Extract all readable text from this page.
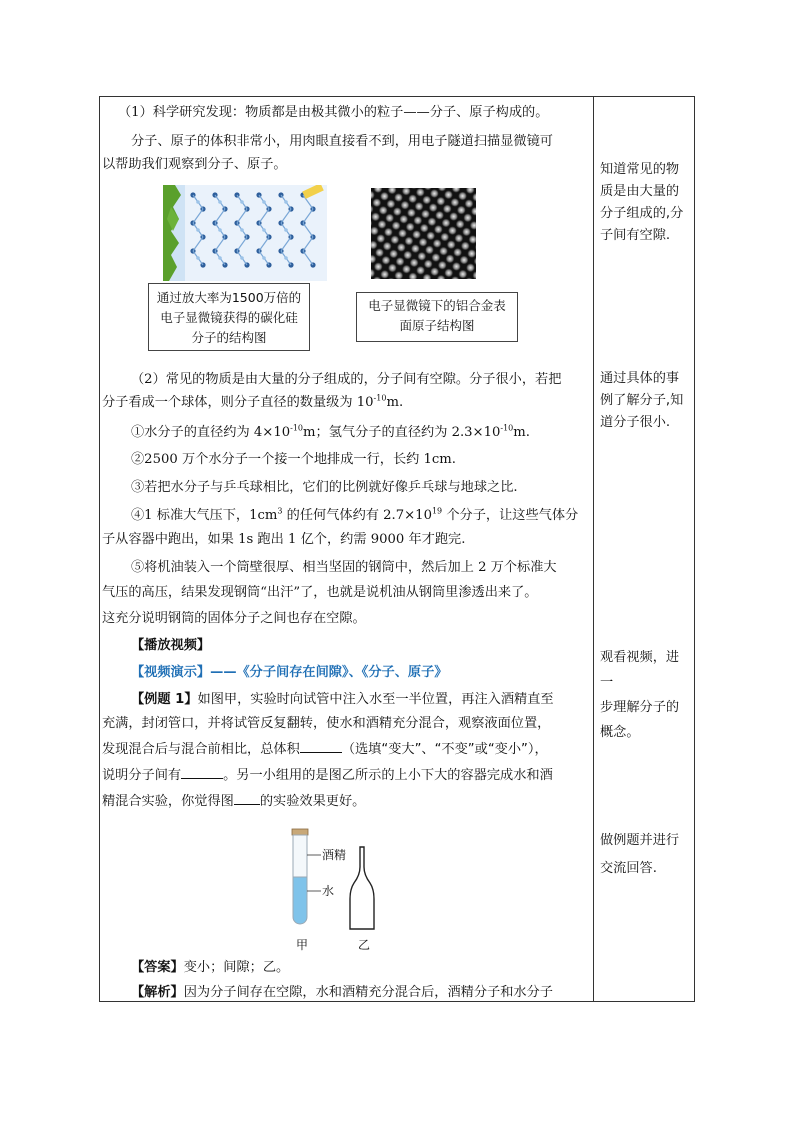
（1）科学研究发现：物质都是由极其微小的粒子——分子、原子构成的。
分子、原子的体积非常小，用肉眼直接看不到，用电子隧道扫描显微镜可
以帮助我们观察到分子、原子。
通过放大率为1500万倍的电子显微镜获得的碳化硅分子的结构图
电子显微镜下的铝合金表面原子结构图
（2）常见的物质是由大量的分子组成的，分子间有空隙。分子很小，若把
分子看成一个球体，则分子直径的数量级为 $10^{-10}m$.
①水分子的直径约为 $4\times 10^{-10}m$；氢气分子的直径约为 $2.3\times 10^{-10}m$.
②2500 万个水分子一个接一个地排成一行，长约 1cm.
③若把水分子与乒乓球相比，它们的比例就好像乒乓球与地球之比.
④1 标准大气压下，$1cm^3$ 的任何气体约有 $2.7\times 10^{19}$ 个分子，让这些气体分
子从容器中跑出，如果 1s 跑出 1 亿个，约需 9000 年才跑完.
⑤将机油装入一个筒壁很厚、相当坚固的钢筒中，然后加上 2 万个标准大
气压的高压，结果发现钢筒“出汗”了，也就是说机油从钢筒里渗透出来了。
这充分说明钢筒的固体分子之间也存在空隙。
【播放视频】
【视频演示】——《分子间存在间隙》、《分子、原子》
【例题 1】如图甲，实验时向试管中注入水至一半位置，再注入酒精直至
充满，封闭管口，并将试管反复翻转，使水和酒精充分混合，观察液面位置，
发现混合后与混合前相比，总体积	（选填“变大”、“不变”或“变小”），
说明分子间有	。另一小组用的是图乙所示的上小下大的容器完成水和酒
精混合实验，你觉得图 的实验效果更好。
酒精
水
甲	乙
【答案】变小；间隙；乙。
【解析】因为分子间存在空隙，水和酒精充分混合后，酒精分子和水分子
知道常见的物
质是由大量的
分子组成的,分
子间有空隙.
通过具体的事
例了解分子,知
道分子很小.
观看视频，进一
步理解分子的
概念。
做例题并进行
交流回答.
